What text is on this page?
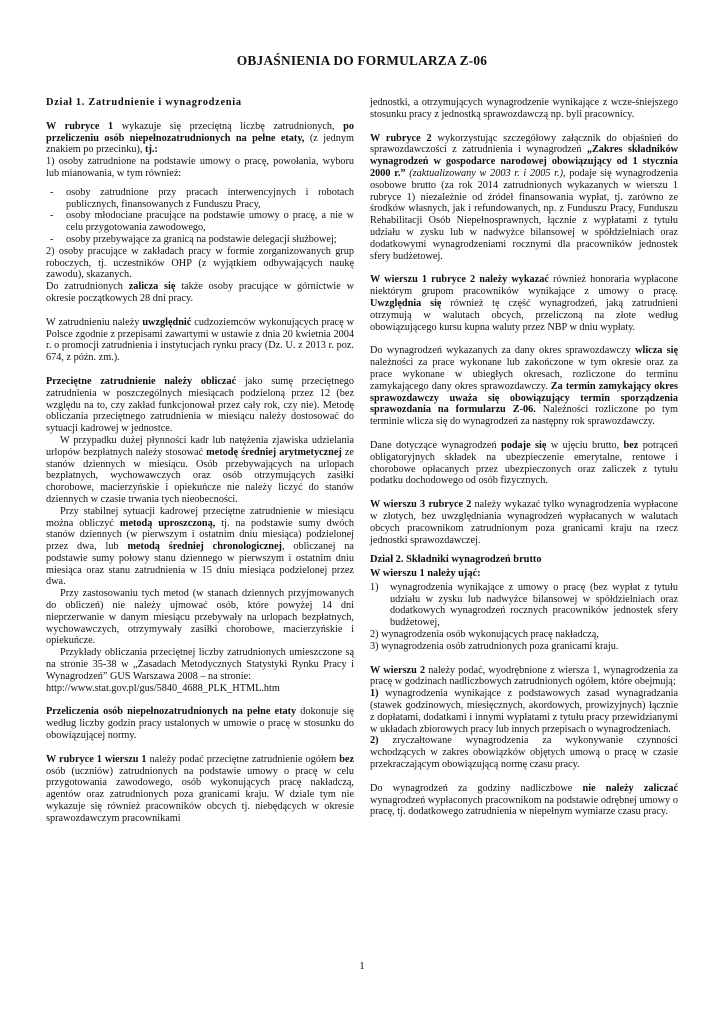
OBJAŚNIENIA DO FORMULARZA Z-06
Dział 1. Zatrudnienie i wynagrodzenia

W rubryce 1 wykazuje się przeciętną liczbę zatrudnionych, po przeliczeniu osób niepełnozatrudnionych na pełne etaty, (z jednym znakiem po przecinku), tj.:
1) osoby zatrudnione na podstawie umowy o pracę, powołania, wyboru lub mianowania, w tym również:

- osoby zatrudnione przy pracach interwencyjnych i robotach publicznych, finansowanych z Funduszu Pracy,
- osoby młodociane pracujące na podstawie umowy o pracę, a nie w celu przygotowania zawodowego,
- osoby przebywające za granicą na podstawie delegacji służbowej;

2) osoby pracujące w zakładach pracy w formie zorganizowanych grup roboczych, tj. uczestników OHP (z wyjątkiem odbywających naukę zawodu), skazanych.

Do zatrudnionych zalicza się także osoby pracujące w górnictwie w okresie początkowych 28 dni pracy.

W zatrudnieniu należy uwzględnić cudzoziemców wykonujących pracę w Polsce zgodnie z przepisami zawartymi w ustawie z dnia 20 kwietnia 2004 r. o promocji zatrudnienia i instytucjach rynku pracy (Dz. U. z 2013 r. poz. 674, z późn. zm.).

Przeciętne zatrudnienie należy obliczać jako sumę przeciętnego zatrudnienia w poszczególnych miesiącach podzieloną przez 12 (bez względu na to, czy zakład funkcjonował przez cały rok, czy nie). Metodę obliczania przeciętnego zatrudnienia w miesiącu należy dostosować do sytuacji kadrowej w jednostce.

W przypadku dużej płynności kadr lub natężenia zjawiska udzielania urlopów bezpłatnych należy stosować metodę średniej arytmetycznej ze stanów dziennych w miesiącu. Osób przebywających na urlopach bezpłatnych, wychowawczych oraz osób otrzymujących zasiłki chorobowe, macierzyńskie i opiekuńcze nie należy liczyć do stanów dziennych w czasie trwania tych nieobecności.

Przy stabilnej sytuacji kadrowej przeciętne zatrudnienie w miesiącu można obliczyć metodą uproszczoną, tj. na podstawie sumy dwóch stanów dziennych (w pierwszym i ostatnim dniu miesiąca) podzielonej przez dwa, lub metodą średniej chronologicznej, obliczanej na podstawie sumy połowy stanu dziennego w pierwszym i ostatnim dniu miesiąca oraz stanu zatrudnienia w 15 dniu miesiąca podzielonej przez dwa.

Przy zastosowaniu tych metod (w stanach dziennych przyjmowanych do obliczeń) nie należy ujmować osób, które powyżej 14 dni nieprzerwanie w danym miesiącu przebywały na urlopach bezpłatnych, wychowawczych, otrzymywały zasiłki chorobowe, macierzyńskie i opiekuńcze.

Przykłady obliczania przeciętnej liczby zatrudnionych umieszczone są na stronie 35-38 w „Zasadach Metodycznych Statystyki Rynku Pracy i Wynagrodzeń” GUS Warszawa 2008 – na stronie:

http://www.stat.gov.pl/gus/5840_4688_PLK_HTML.htm

Przeliczenia osób niepełnozatrudnionych na pełne etaty dokonuje się według liczby godzin pracy ustalonych w umowie o pracę w stosunku do obowiązującej normy.

W rubryce 1 wierszu 1 należy podać przeciętne zatrudnienie ogółem bez osób (uczniów) zatrudnionych na podstawie umowy o pracę w celu przygotowania zawodowego, osób wykonujących pracę nakładczą, agentów oraz zatrudnionych poza granicami kraju. W dziale tym nie wykazuje się również pracowników obcych tj. niebędących w okresie sprawozdawczym pracownikami

jednostki, a otrzymujących wynagrodzenie wynikające z wcze-śniejszego stosunku pracy z jednostką sprawozdawczą np. byli pracownicy.

W rubryce 2 wykorzystując szczegółowy załącznik do objaśnień do sprawozdawczości z zatrudnienia i wynagrodzeń „Zakres składników wynagrodzeń w gospodarce narodowej obowiązujący od 1 stycznia 2000 r.” (zaktualizowany w 2003 r. i 2005 r.), podaje się wynagrodzenia osobowe brutto (za rok 2014 zatrudnionych wykazanych w wierszu 1 rubryce 1) niezależnie od źródeł finansowania wypłat, tj. zarówno ze środków własnych, jak i refundowanych, np. z Funduszu Pracy, Funduszu Rehabilitacji Osób Niepełnosprawnych, łącznie z wypłatami z tytułu udziału w zysku lub w nadwyżce bilansowej w spółdzielniach oraz dodatkowymi wynagrodzeniami rocznymi dla pracowników jednostek sfery budżetowej.

W wierszu 1 rubryce 2 należy wykazać również honoraria wypłacone niektórym grupom pracowników wynikające z umowy o pracę. Uwzględnia się również tę część wynagrodzeń, jaką zatrudnieni otrzymują w walutach obcych, przeliczoną na złote według obowiązującego kursu kupna waluty przez NBP w dniu wypłaty.

Do wynagrodzeń wykazanych za dany okres sprawozdawczy wlicza się należności za prace wykonane lub zakończone w tym okresie oraz za prace wykonane w ubiegłych okresach, rozliczone do terminu zamykającego dany okres sprawozdawczy. Za termin zamykający okres sprawozdawczy uważa się obowiązujący termin sporządzenia sprawozdania na formularzu Z-06. Należności rozliczone po tym terminie wlicza się do wynagrodzeń za następny rok sprawozdawczy.

Dane dotyczące wynagrodzeń podaje się w ujęciu brutto, bez potrąceń obligatoryjnych składek na ubezpieczenie emerytalne, rentowe i chorobowe opłacanych przez ubezpieczonych oraz zaliczek z tytułu podatku dochodowego od osób fizycznych.

W wierszu 3 rubryce 2 należy wykazać tylko wynagrodzenia wypłacone w złotych, bez uwzględniania wynagrodzeń wypłacanych w walutach obcych pracownikom zatrudnionym poza granicami kraju na rzecz jednostki sprawozdawczej.

Dział 2. Składniki wynagrodzeń brutto
W wierszu 1 należy ująć:
1) wynagrodzenia wynikające z umowy o pracę (bez wypłat z tytułu udziału w zysku lub nadwyżce bilansowej w spółdzielniach oraz dodatkowych wynagrodzeń rocznych pracowników jednostek sfery budżetowej,

2) wynagrodzenia osób wykonujących pracę nakładczą,

3) wynagrodzenia osób zatrudnionych poza granicami kraju.

W wierszu 2 należy podać, wyodrębnione z wiersza 1, wynagrodzenia za pracę w godzinach nadliczbowych zatrudnionych ogółem, które obejmują;

1) wynagrodzenia wynikające z podstawowych zasad wynagradzania (stawek godzinowych, miesięcznych, akordowych, prowizyjnych) łącznie z dopłatami, dodatkami i innymi wypłatami z tytułu pracy przewidzianymi w układach zbiorowych pracy lub innych przepisach o wynagrodzeniach.

2) zryczałtowane wynagrodzenia za wykonywanie czynności wchodzących w zakres obowiązków objętych umową o pracę w czasie przekraczającym obowiązującą normę czasu pracy.

Do wynagrodzeń za godziny nadliczbowe nie należy zaliczać wynagrodzeń wypłaconych pracownikom na podstawie odrębnej umowy o pracę, tj. dodatkowego zatrudnienia w niepełnym wymiarze czasu pracy.

1
